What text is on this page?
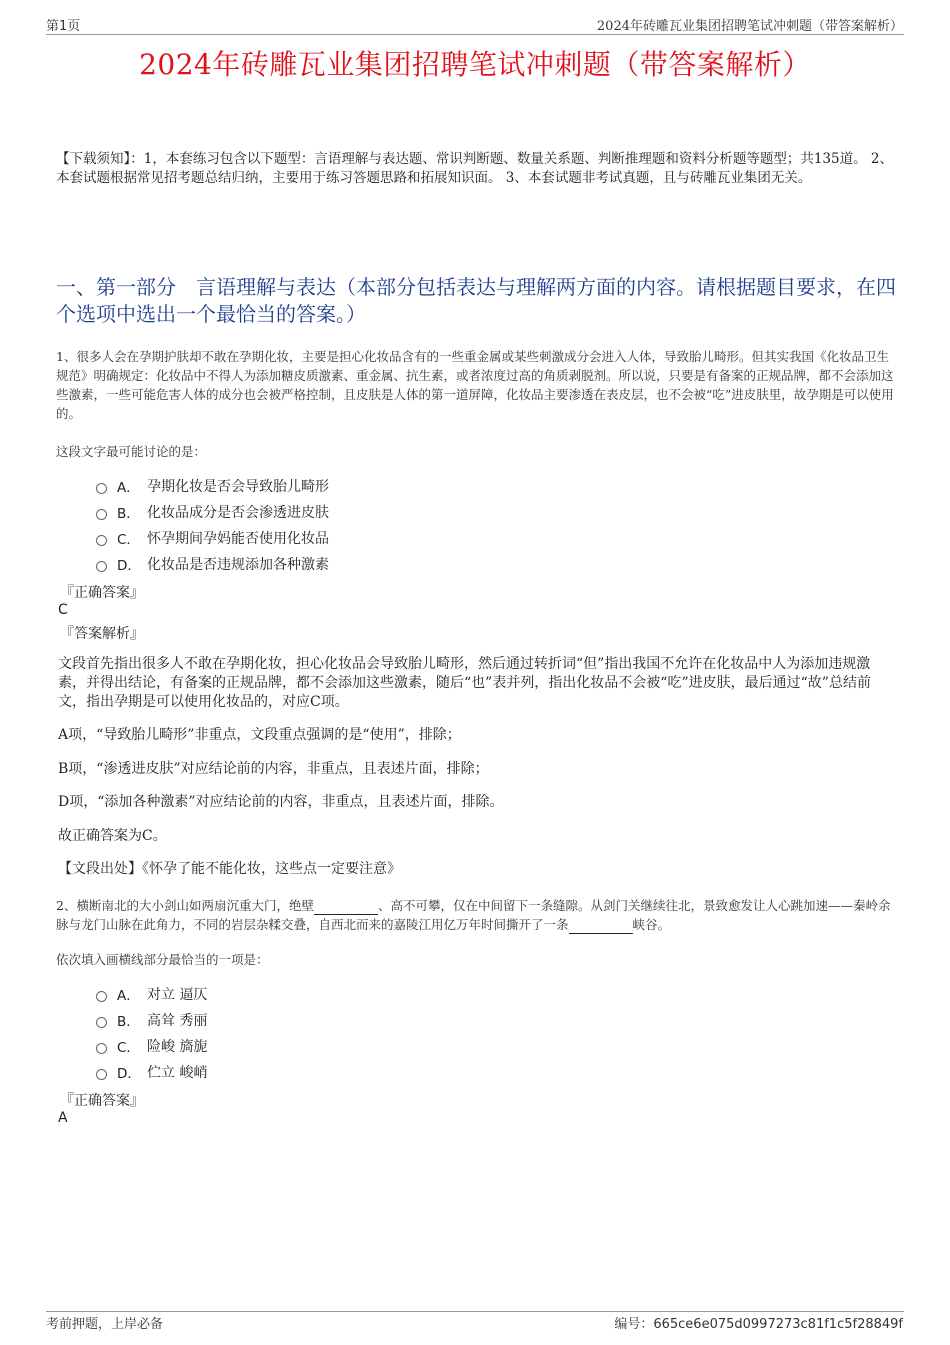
第1页	2024年砖雕瓦业集团招聘笔试冲刺题（带答案解析）
2024年砖雕瓦业集团招聘笔试冲刺题（带答案解析）
【下载须知】：1，本套练习包含以下题型：言语理解与表达题、常识判断题、数量关系题、判断推理题和资料分析题等题型；共135道。 2、本套试题根据常见招考题总结归纳，主要用于练习答题思路和拓展知识面。 3、本套试题非考试真题，且与砖雕瓦业集团无关。
一、第一部分　言语理解与表达（本部分包括表达与理解两方面的内容。请根据题目要求，在四个选项中选出一个最恰当的答案。）
1、很多人会在孕期护肤却不敢在孕期化妆，主要是担心化妆品含有的一些重金属或某些刺激成分会进入人体，导致胎儿畸形。但其实我国《化妆品卫生规范》明确规定：化妆品中不得人为添加糖皮质激素、重金属、抗生素，或者浓度过高的角质剥脱剂。所以说，只要是有备案的正规品牌，都不会添加这些激素，一些可能危害人体的成分也会被严格控制，且皮肤是人体的第一道屏障，化妆品主要渗透在表皮层，也不会被“吃”进皮肤里，故孕期是可以使用的。
这段文字最可能讨论的是：
A． 孕期化妆是否会导致胎儿畸形
B． 化妆品成分是否会渗透进皮肤
C． 怀孕期间孕妈能否使用化妆品
D． 化妆品是否违规添加各种激素
『正确答案』
C
『答案解析』
文段首先指出很多人不敢在孕期化妆，担心化妆品会导致胎儿畸形，然后通过转折词“但”指出我国不允许在化妆品中人为添加违规激素，并得出结论，有备案的正规品牌，都不会添加这些激素，随后“也”表并列，指出化妆品不会被“吃”进皮肤，最后通过“故”总结前文，指出孕期是可以使用化妆品的，对应C项。
A项，“导致胎儿畸形”非重点，文段重点强调的是“使用”，排除；
B项，“渗透进皮肤”对应结论前的内容，非重点，且表述片面，排除；
D项，“添加各种激素”对应结论前的内容，非重点，且表述片面，排除。
故正确答案为C。
【文段出处】《怀孕了能不能化妆，这些点一定要注意》
2、横断南北的大小剑山如两扇沉重大门，绝壁	、高不可攀，仅在中间留下一条缝隙。从剑门关继续往北，景致愈发让人心跳加速——秦岭余脉与龙门山脉在此角力，不同的岩层杂糅交叠，自西北而来的嘉陵江用亿万年时间撕开了一条	峡谷。
依次填入画横线部分最恰当的一项是：
A． 对立 逼仄
B． 高耸 秀丽
C． 险峻 旖旎
D． 伫立 峻峭
『正确答案』
A
考前押题，上岸必备	编号：665ce6e075d0997273c81f1c5f28849f
